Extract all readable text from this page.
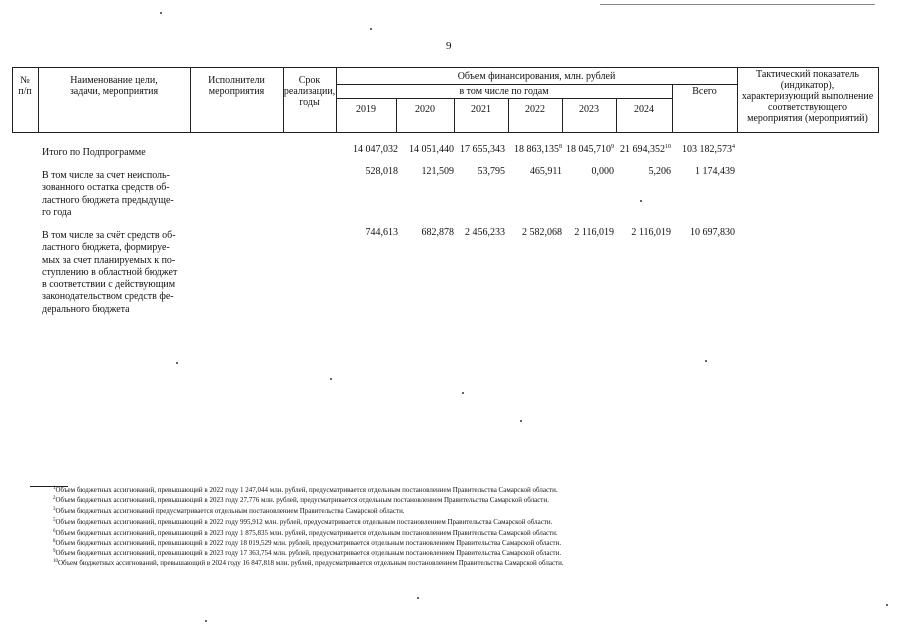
9
№
п/п
Наименование цели,
задачи, мероприятия
Исполнители
мероприятия
Срок
реализации,
годы
Объем финансирования, млн. рублей
в том числе по годам	Всего
2019	2020	2021	2022	2023	2024
Тактический показатель
(индикатор),
характеризующий выполнение
соответствующего
мероприятия (мероприятий)
Итого по Подпрограмме	14 047,032	14 051,440 17 655,343 18 863,135$^8$ 18 045,710$^9$ 21 694,352$^{10}$	103 182,573$^4$
В том числе за счет неисполь-
зованного остатка средств об-
ластного бюджета предыдуще-
го года
528,018	121,509	53,795	465,911	0,000	5,206	1 174,439
В том числе за счёт средств об-
ластного бюджета, формируе-
мых за счет планируемых к по-
ступлению в областной бюджет
в соответствии с действующим
законодательством средств фе-
дерального бюджета
744,613	682,878	2 456,233	2 582,068	2 116,019	2 116,019	10 697,830
$^1$Объем бюджетных ассигнований, превышающий в 2022 году 1 247,044 млн. рублей, предусматривается отдельным постановлением Правительства Самарской области.
$^2$Объем бюджетных ассигнований, превышающий в 2023 году 27,776 млн. рублей, предусматривается отдельным постановлением Правительства Самарской области.
$^3$Объем бюджетных ассигнований предусматривается отдельным постановлением Правительства Самарской области.
$^5$Объем бюджетных ассигнований, превышающий в 2022 году 995,912 млн. рублей, предусматривается отдельным постановлением Правительства Самарской области.
$^6$Объем бюджетных ассигнований, превышающий в 2023 году 1 875,835 млн. рублей, предусматривается отдельным постановлением Правительства Самарской области.
$^8$Объем бюджетных ассигнований, превышающий в 2022 году 18 019,529 млн. рублей, предусматривается отдельным постановлением Правительства Самарской области.
$^9$Объем бюджетных ассигнований, превышающий в 2023 году 17 363,754 млн. рублей, предусматривается отдельным постановлением Правительства Самарской области.
$^{10}$Объем бюджетных ассигнований, превышающий в 2024 году 16 847,818 млн. рублей, предусматривается отдельным постановлением Правительства Самарской области.
